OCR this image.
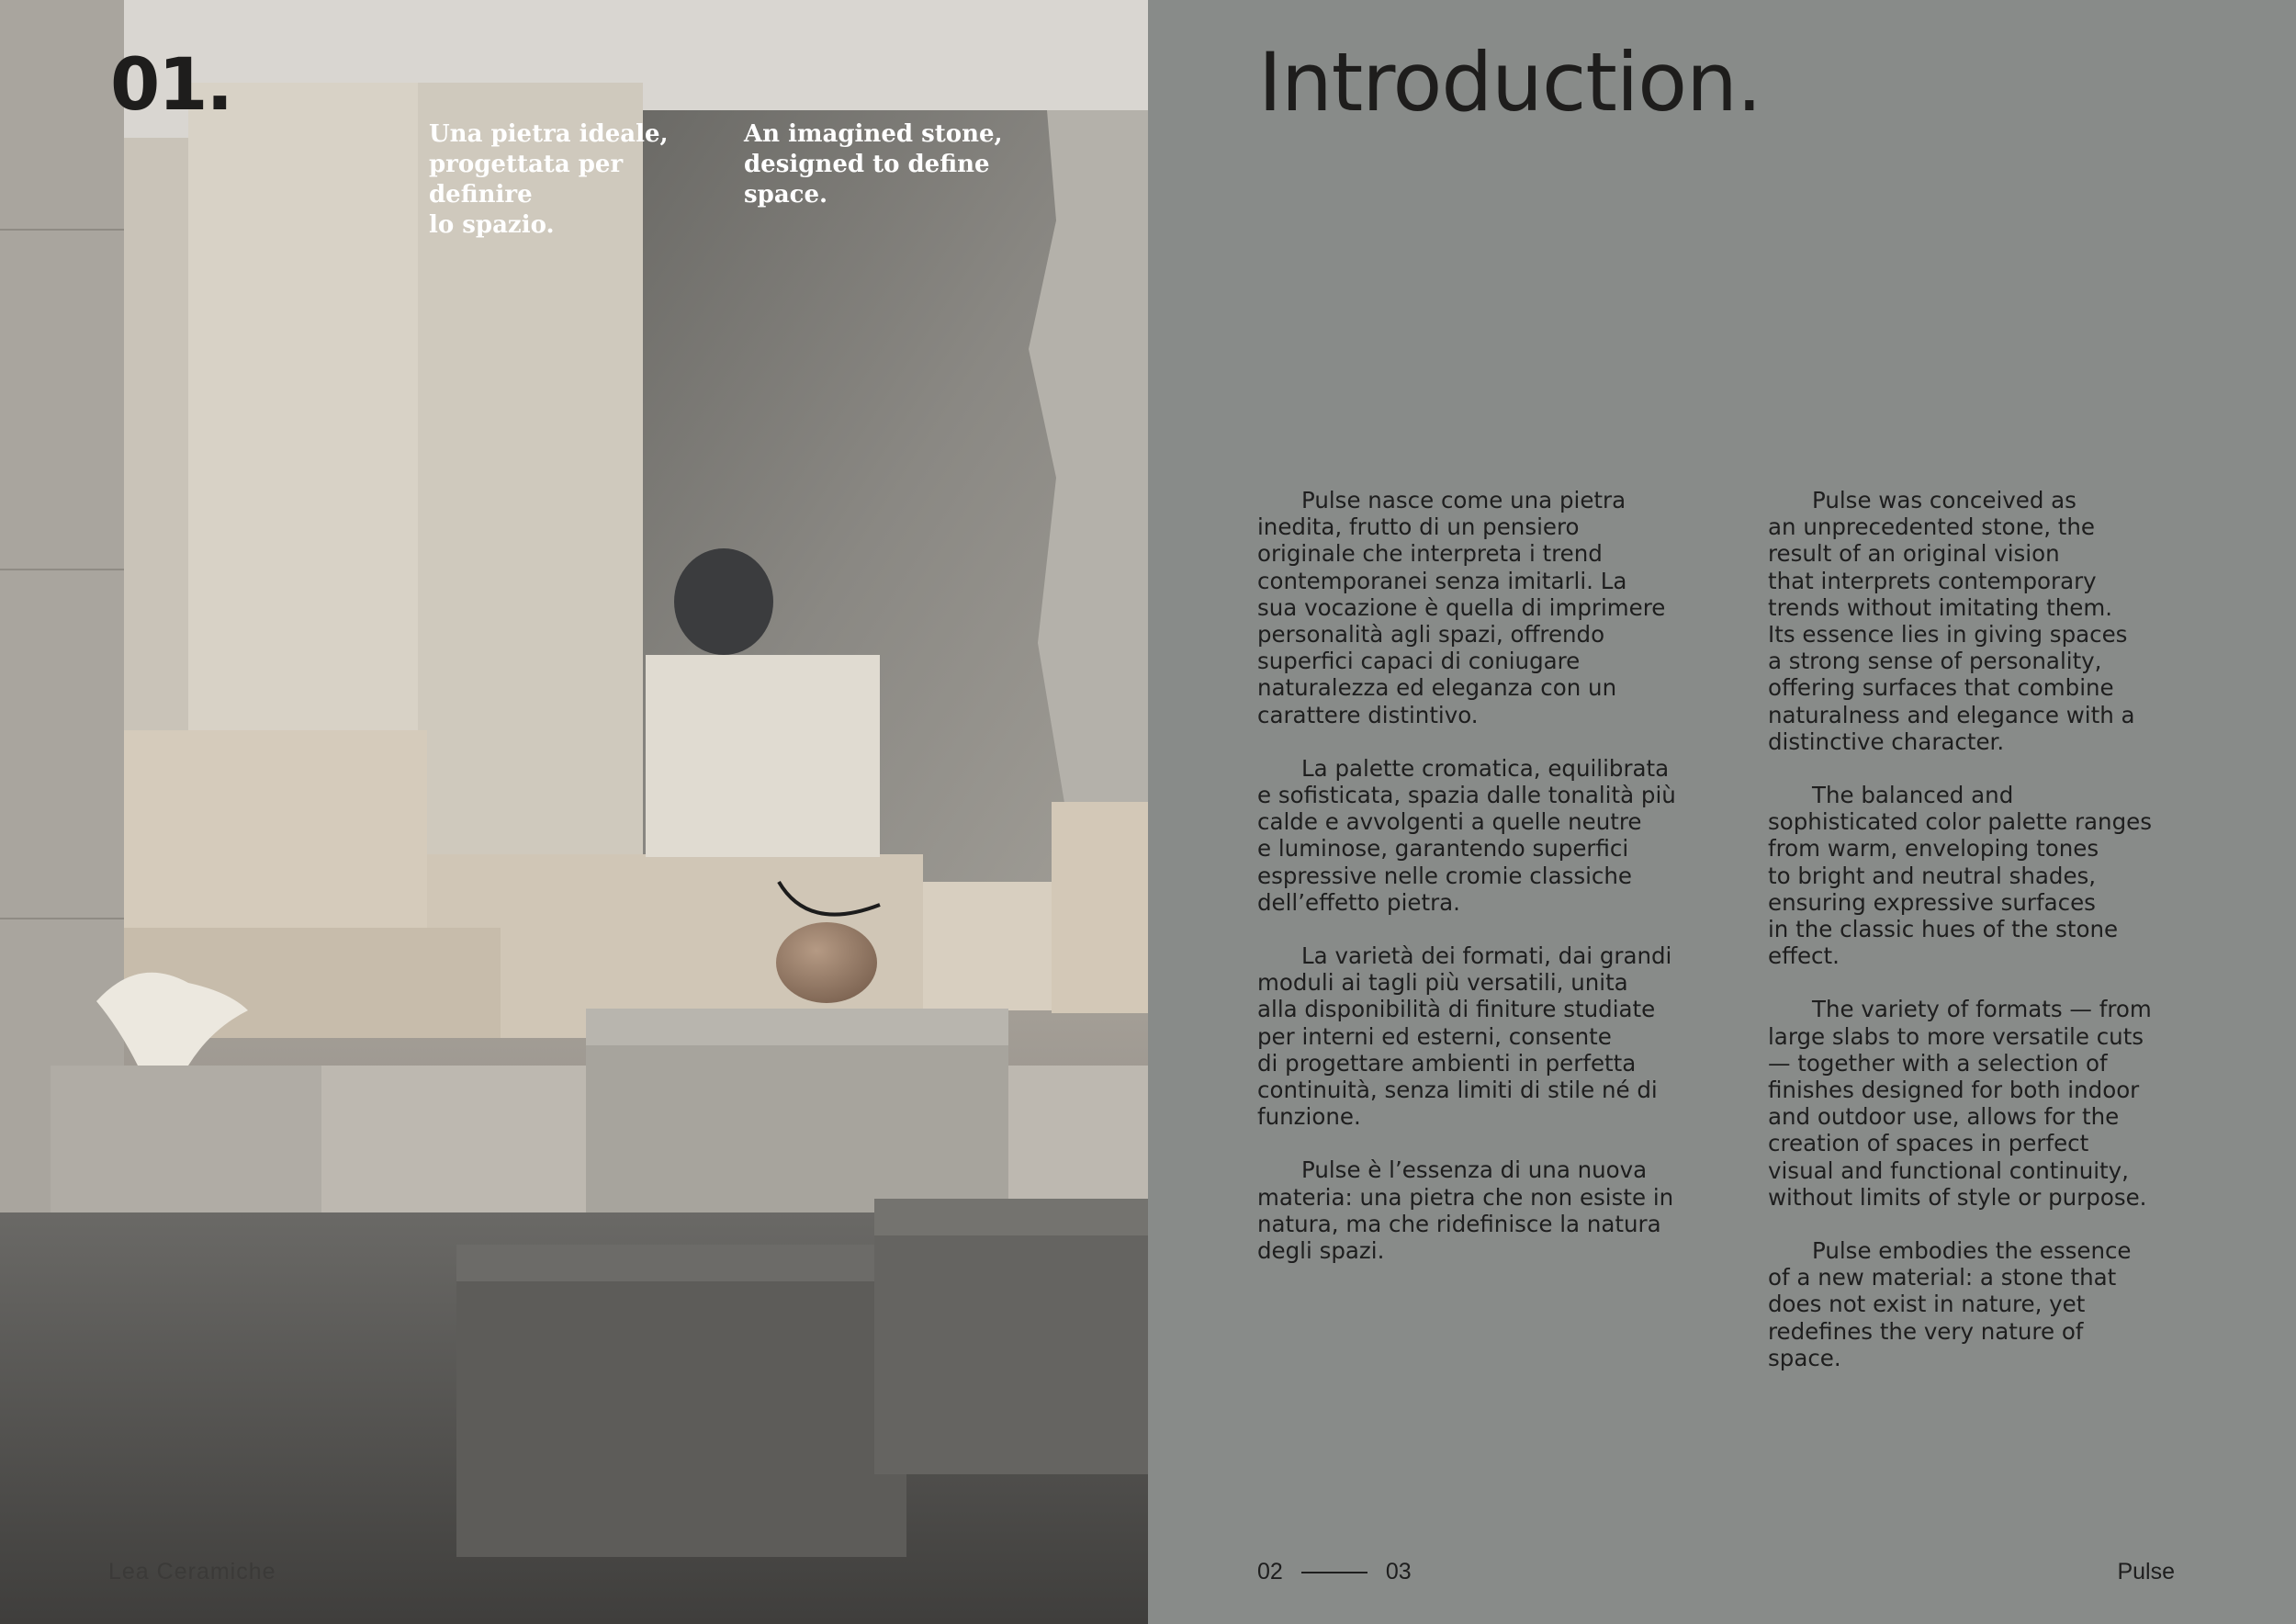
01.
Una pietra ideale,
progettata per definire
lo spazio.
An imagined stone,
designed to define
space.
Lea Ceramiche
Introduction.

Pulse nasce come una pietra
inedita, frutto di un pensiero
originale che interpreta i trend
contemporanei senza imitarli. La
sua vocazione è quella di imprimere
personalità agli spazi, offrendo
superfici capaci di coniugare
naturalezza ed eleganza con un
carattere distintivo.

La palette cromatica, equilibrata
e sofisticata, spazia dalle tonalità più
calde e avvolgenti a quelle neutre
e luminose, garantendo superfici
espressive nelle cromie classiche
dell’effetto pietra.

La varietà dei formati, dai grandi
moduli ai tagli più versatili, unita
alla disponibilità di finiture studiate
per interni ed esterni, consente
di progettare ambienti in perfetta
continuità, senza limiti di stile né di
funzione.

Pulse è l’essenza di una nuova
materia: una pietra che non esiste in
natura, ma che ridefinisce la natura
degli spazi.

Pulse was conceived as
an unprecedented stone, the
result of an original vision
that interprets contemporary
trends without imitating them.
Its essence lies in giving spaces
a strong sense of personality,
offering surfaces that combine
naturalness and elegance with a
distinctive character.

The balanced and
sophisticated color palette ranges
from warm, enveloping tones
to bright and neutral shades,
ensuring expressive surfaces
in the classic hues of the stone
effect.

The variety of formats — from
large slabs to more versatile cuts
— together with a selection of
finishes designed for both indoor
and outdoor use, allows for the
creation of spaces in perfect
visual and functional continuity,
without limits of style or purpose.

Pulse embodies the essence
of a new material: a stone that
does not exist in nature, yet
redefines the very nature of
space.

02	03	Pulse
